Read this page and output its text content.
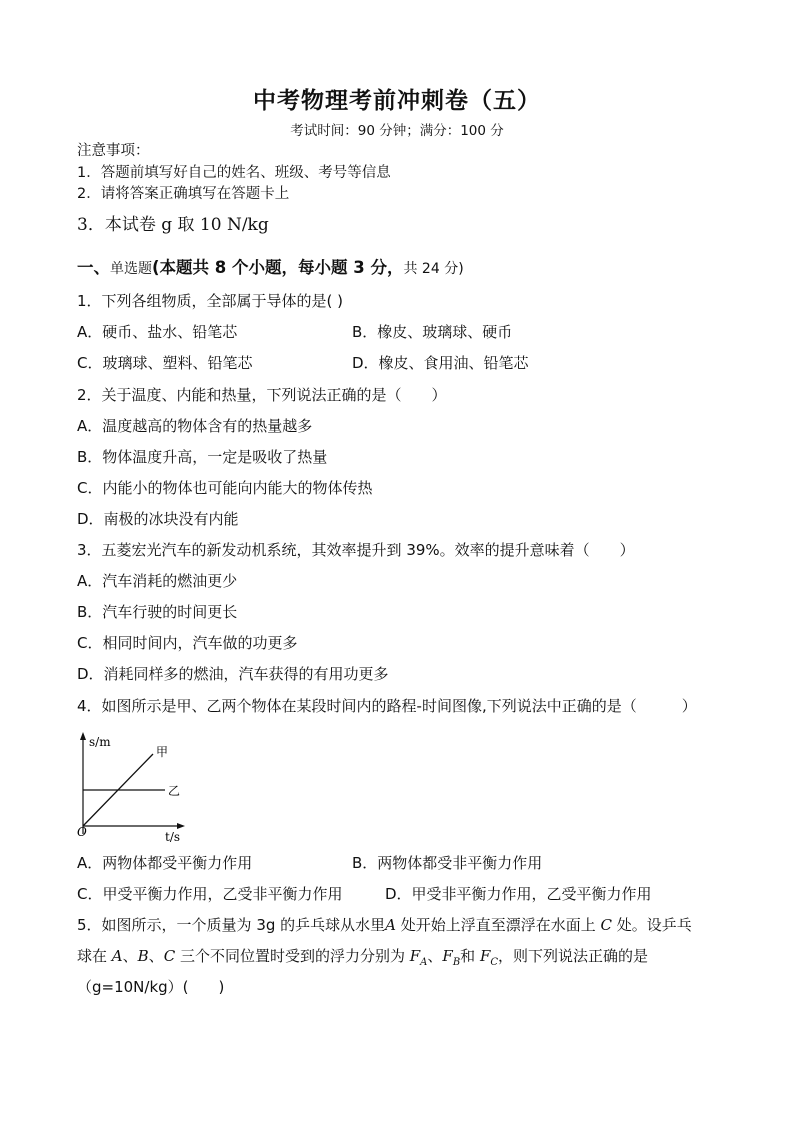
中考物理考前冲刺卷（五）
考试时间：90 分钟；满分：100 分
注意事项：
1．答题前填写好自己的姓名、班级、考号等信息
2．请将答案正确填写在答题卡上
3．本试卷 g 取 10 N/kg
一、单选题(本题共 8 个小题，每小题 3 分，共 24 分)
1．下列各组物质，全部属于导体的是( )
A．硬币、盐水、铅笔芯	B．橡皮、玻璃球、硬币
C．玻璃球、塑料、铅笔芯	D．橡皮、食用油、铅笔芯
2．关于温度、内能和热量，下列说法正确的是（　　）
A．温度越高的物体含有的热量越多
B．物体温度升高，一定是吸收了热量
C．内能小的物体也可能向内能大的物体传热
D．南极的冰块没有内能
3．五菱宏光汽车的新发动机系统，其效率提升到 39%。效率的提升意味着（　　）
A．汽车消耗的燃油更少
B．汽车行驶的时间更长
C．相同时间内，汽车做的功更多
D．消耗同样多的燃油，汽车获得的有用功更多
4．如图所示是甲、乙两个物体在某段时间内的路程-时间图像,下列说法中正确的是（　　　）
s/m
甲
乙
O	t/s
A．两物体都受平衡力作用	B．两物体都受非平衡力作用
C．甲受平衡力作用，乙受非平衡力作用	D．甲受非平衡力作用，乙受平衡力作用
5．如图所示，一个质量为 3g 的乒乓球从水里A 处开始上浮直至漂浮在水面上 C 处。设乒乓
球在 A、B、C 三个不同位置时受到的浮力分别为 $F_A$、$F_B$和 $F_C$，则下列说法正确的是
（g=10N/kg）(　　)
